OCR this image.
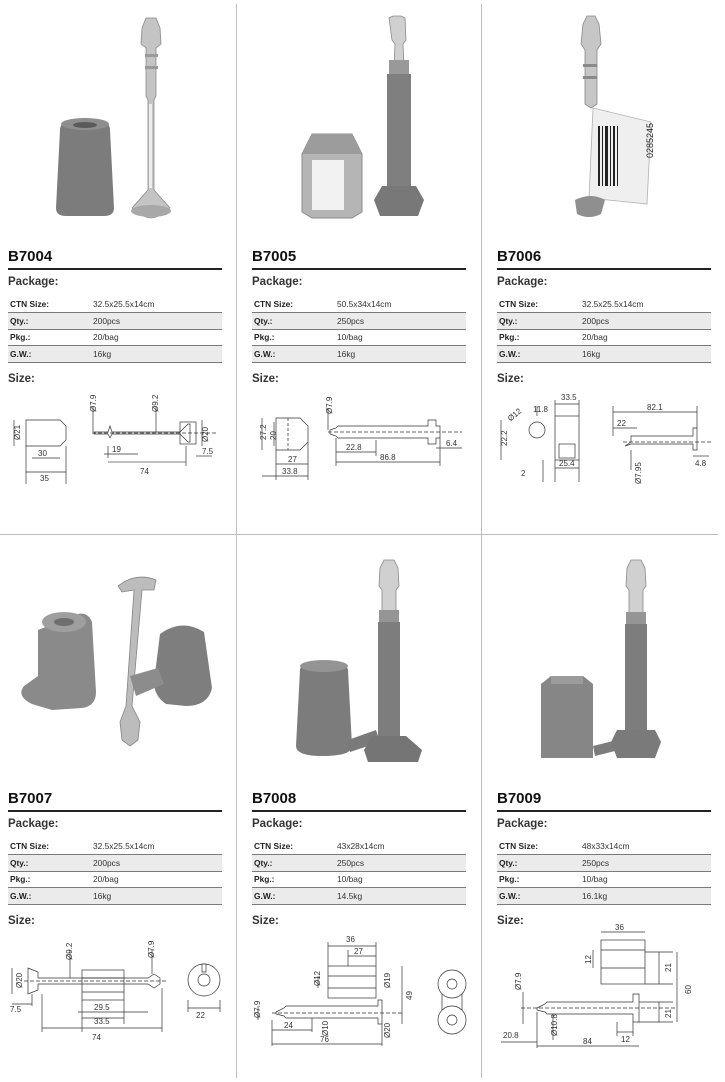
B7004
Package:
CTN Size:	32.5x25.5x14cm
Qty.:	200pcs
Pkg.:	20/bag
G.W.:	16kg
Size:
Ø21
30
35
Ø7.9	Ø9.2
Ø20
19
74
7.5
B7005
Package:
CTN Size:	50.5x34x14cm
Qty.:	250pcs
Pkg.:	10/bag
G.W.:	16kg
Size:
27.2 20
27
33.8
Ø7.9
22.8
86.8
6.4
0285245
B7006
Package:
CTN Size:	32.5x25.5x14cm
Qty.:	200pcs
Pkg.:	20/bag
G.W.:	16kg
Size:
33.5
11.8
Ø12
22.2
2
25.4
82.1
22
Ø7.95	4.8
B7007
Package:
CTN Size:	32.5x25.5x14cm
Qty.:	200pcs
Pkg.:	20/bag
G.W.:	16kg
Size:
Ø9.2	Ø7.9
Ø20
7.5	29.5
33.5
74
22
B7008
Package:
CTN Size:	43x28x14cm
Qty.:	250pcs
Pkg.:	10/bag
G.W.:	14.5kg
Size:
36
27
Ø12	Ø19
49
Ø7.9
Ø20
24	Ø10
76
B7009
Package:
CTN Size:	48x33x14cm
Qty.:	250pcs
Pkg.:	10/bag
G.W.:	16.1kg
Size:
36
12
21
60
Ø7.9
21
12
20.8	Ø10.8
84
